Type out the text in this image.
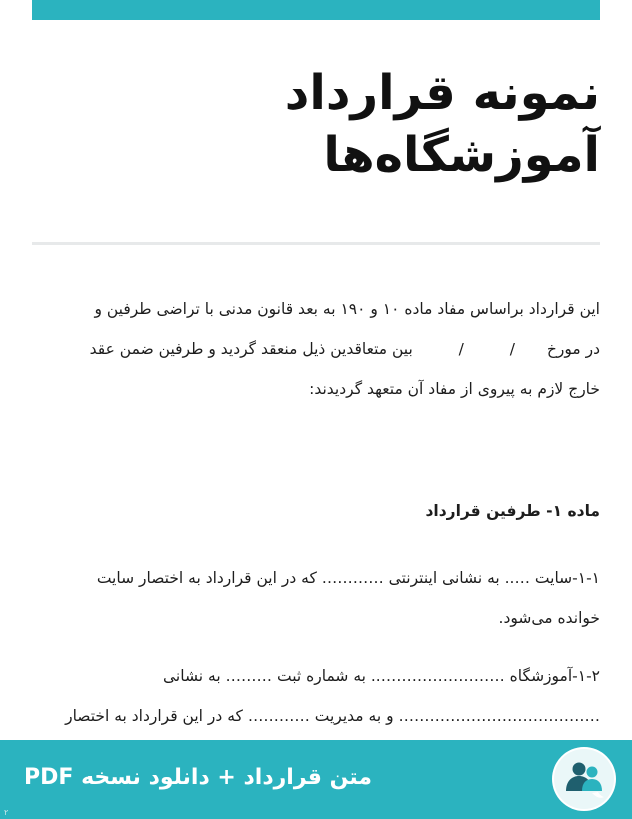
نمونه قرارداد
آموزشگاه‌ها
این قرارداد براساس مفاد ماده ۱۰ و ۱۹۰ به بعد قانون مدنی با تراضی طرفین و
در مورخ  /  /  بین متعاقدین ذیل منعقد گردید و طرفین ضمن عقد
خارج لازم به پیروی از مفاد آن متعهد گردیدند:
ماده ۱- طرفین قرارداد
۱-۱-سایت ….. به نشانی اینترنتی ………… که در این قرارداد به اختصار سایت
خوانده می‌شود.
۱-۲-آموزشگاه …………………….. به شماره ثبت ……… به نشانی
………………………………… و به مدیریت ………… که در این قرارداد به اختصار
متن قرارداد + دانلود نسخه PDF
۲
